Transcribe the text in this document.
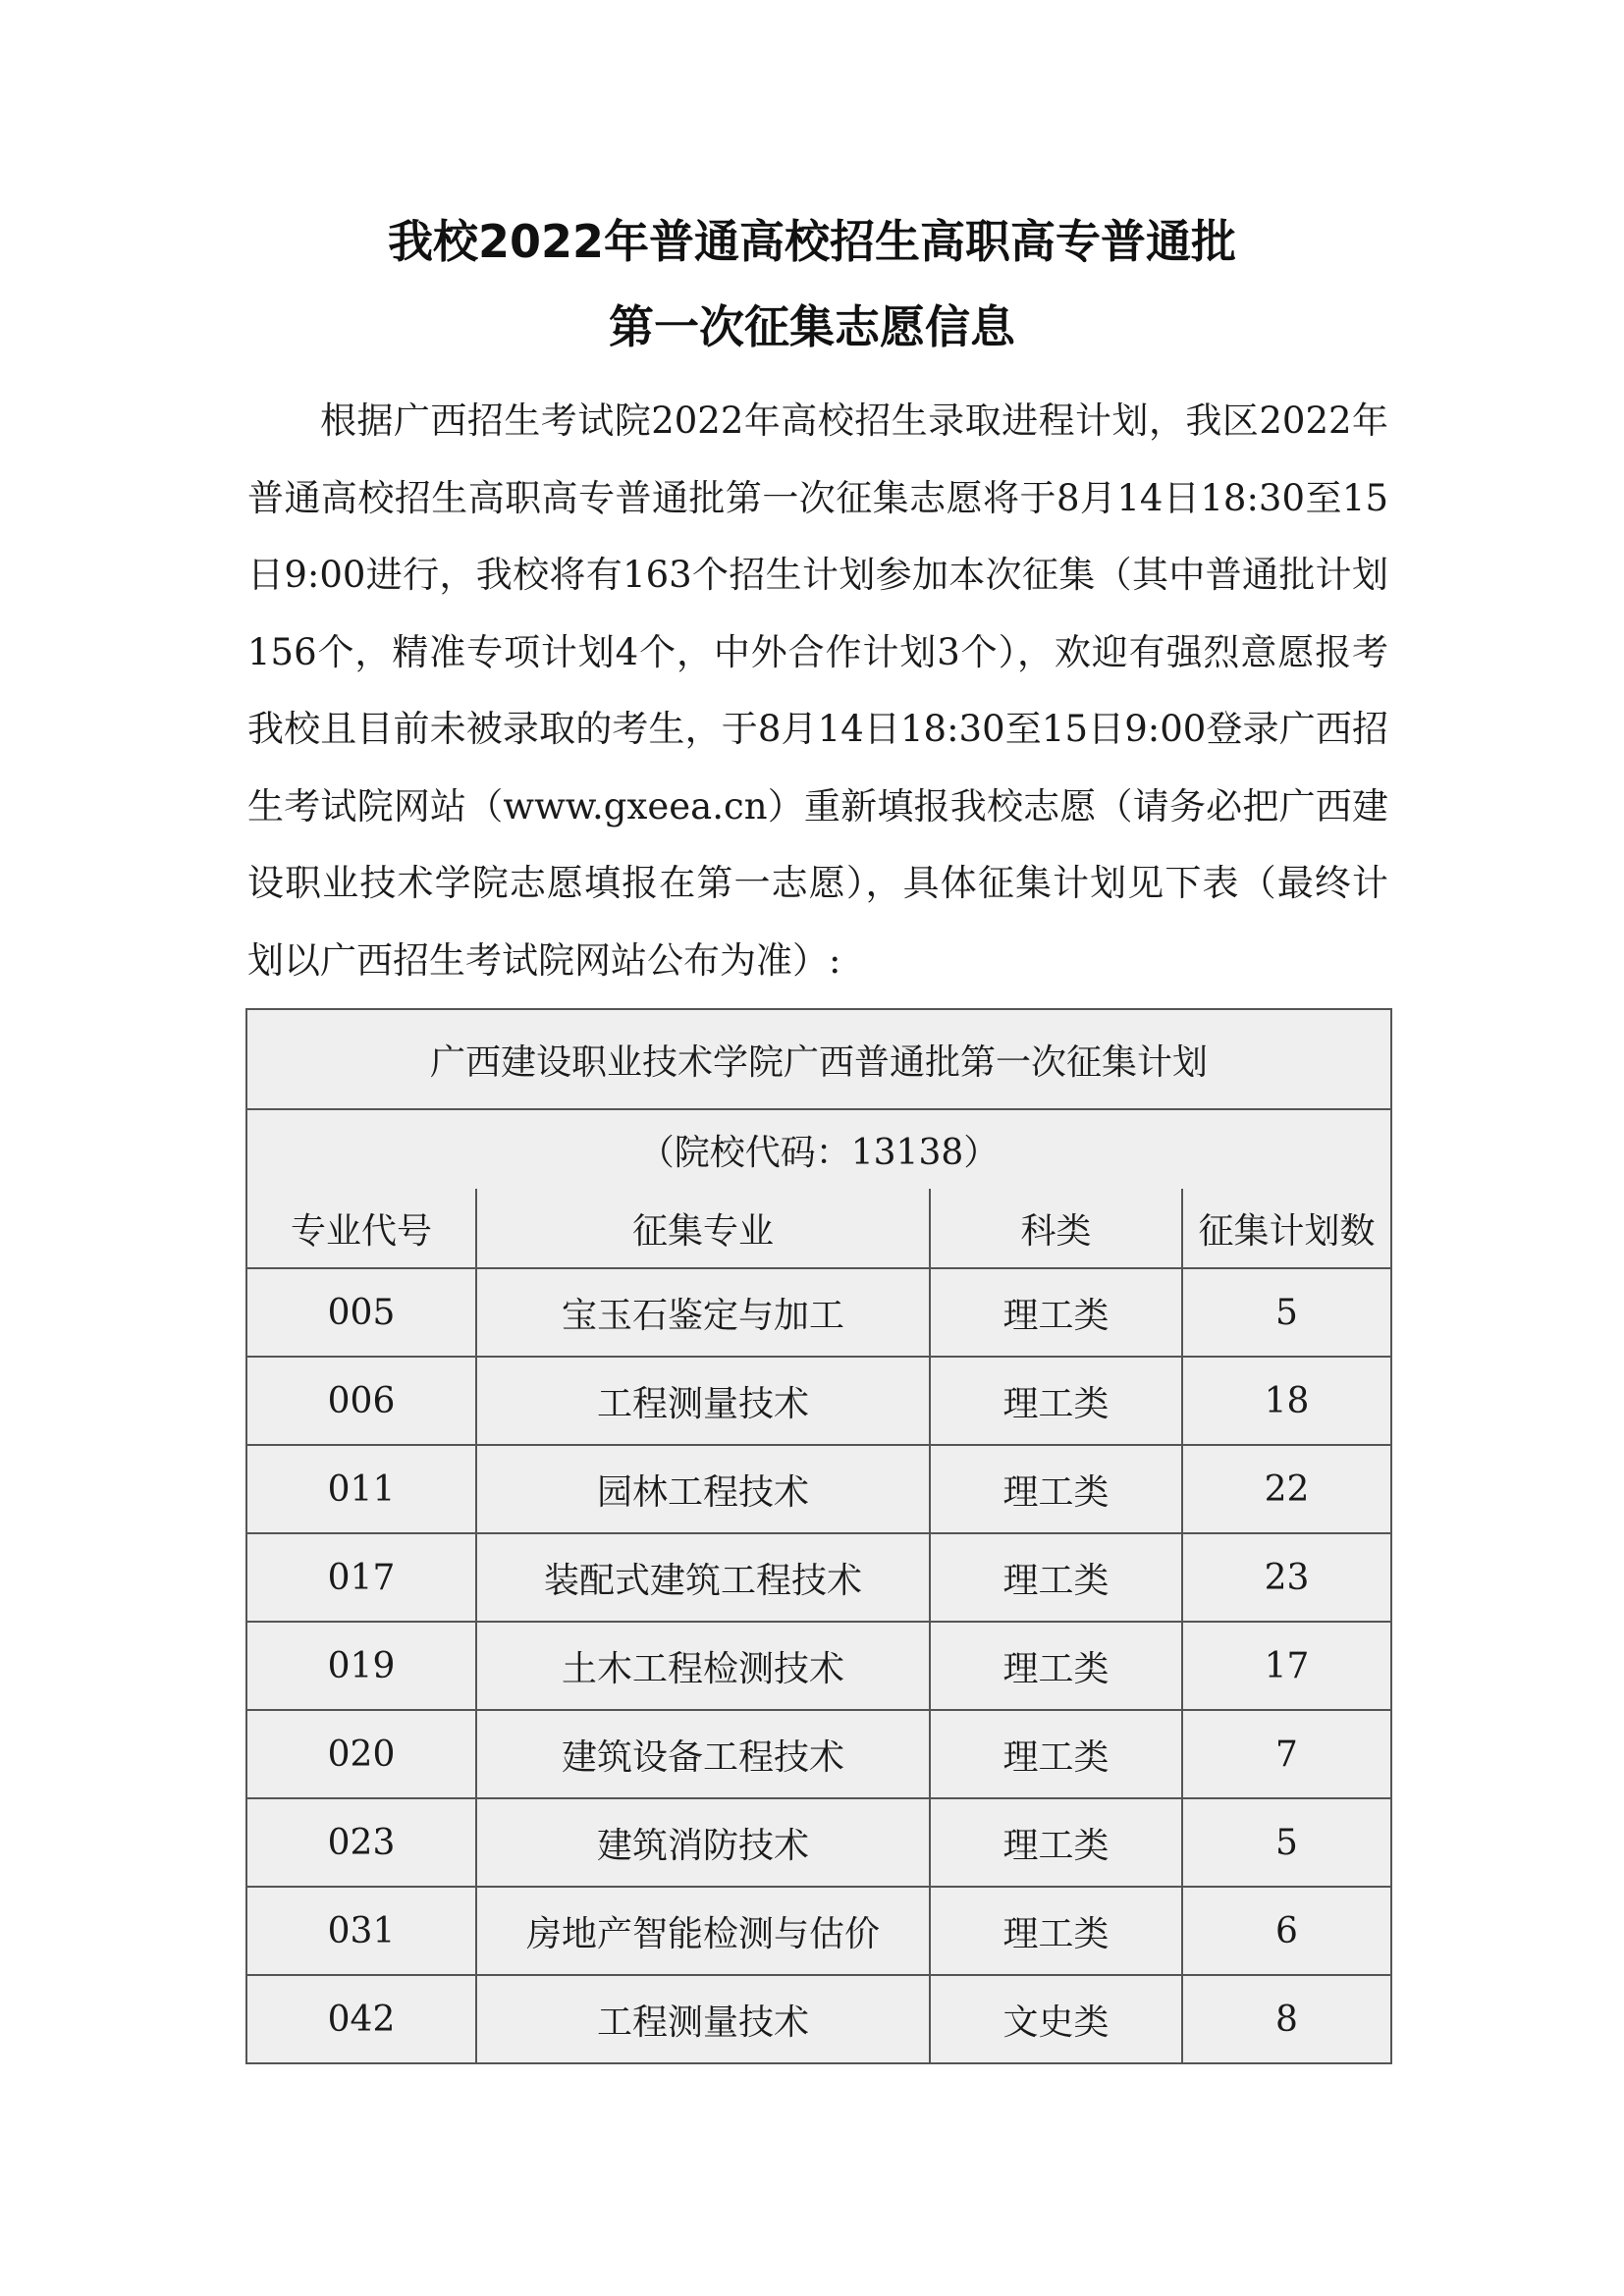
我校2022年普通高校招生高职高专普通批
第一次征集志愿信息

根据广西招生考试院2022年高校招生录取进程计划，我区2022年普通高校招生高职高专普通批第一次征集志愿将于8月14日18:30至15日9:00进行，我校将有163个招生计划参加本次征集（其中普通批计划156个，精准专项计划4个，中外合作计划3个），欢迎有强烈意愿报考我校且目前未被录取的考生，于8月14日18:30至15日9:00登录广西招生考试院网站（www.gxeea.cn）重新填报我校志愿（请务必把广西建设职业技术学院志愿填报在第一志愿），具体征集计划见下表（最终计划以广西招生考试院网站公布为准）:

广西建设职业技术学院广西普通批第一次征集计划			
（院校代码：13138）			
专业代号	征集专业	科类	征集计划数
005	宝玉石鉴定与加工	理工类	5
006	工程测量技术	理工类	18
011	园林工程技术	理工类	22
017	装配式建筑工程技术	理工类	23
019	土木工程检测技术	理工类	17
020	建筑设备工程技术	理工类	7
023	建筑消防技术	理工类	5
031	房地产智能检测与估价	理工类	6
042	工程测量技术	文史类	8
